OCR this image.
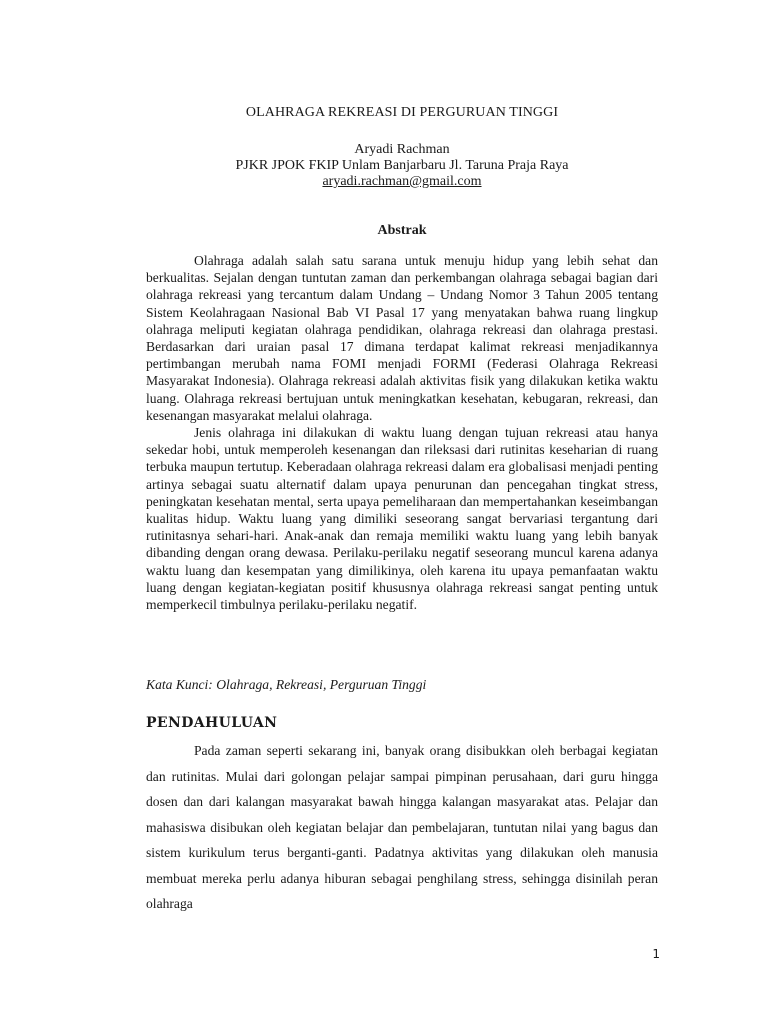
OLAHRAGA REKREASI DI PERGURUAN TINGGI
Aryadi Rachman
PJKR JPOK FKIP Unlam Banjarbaru Jl. Taruna Praja Raya
aryadi.rachman@gmail.com
Abstrak

Olahraga adalah salah satu sarana untuk menuju hidup yang lebih sehat dan berkualitas. Sejalan dengan tuntutan zaman dan perkembangan olahraga sebagai bagian dari olahraga rekreasi yang tercantum dalam Undang – Undang Nomor 3 Tahun 2005 tentang Sistem Keolahragaan Nasional Bab VI Pasal 17 yang menyatakan bahwa ruang lingkup olahraga meliputi kegiatan olahraga pendidikan, olahraga rekreasi dan olahraga prestasi. Berdasarkan dari uraian pasal 17 dimana terdapat kalimat rekreasi menjadikannya pertimbangan merubah nama FOMI menjadi FORMI (Federasi Olahraga Rekreasi Masyarakat Indonesia). Olahraga rekreasi adalah aktivitas fisik yang dilakukan ketika waktu luang. Olahraga rekreasi bertujuan untuk meningkatkan kesehatan, kebugaran, rekreasi, dan kesenangan masyarakat melalui olahraga.

Jenis olahraga ini dilakukan di waktu luang dengan tujuan rekreasi atau hanya sekedar hobi, untuk memperoleh kesenangan dan rileksasi dari rutinitas keseharian di ruang terbuka maupun tertutup. Keberadaan olahraga rekreasi dalam era globalisasi menjadi penting artinya sebagai suatu alternatif dalam upaya penurunan dan pencegahan tingkat stress, peningkatan kesehatan mental, serta upaya pemeliharaan dan mempertahankan keseimbangan kualitas hidup. Waktu luang yang dimiliki seseorang sangat bervariasi tergantung dari rutinitasnya sehari-hari. Anak-anak dan remaja memiliki waktu luang yang lebih banyak dibanding dengan orang dewasa. Perilaku-perilaku negatif seseorang muncul karena adanya waktu luang dan kesempatan yang dimilikinya, oleh karena itu upaya pemanfaatan waktu luang dengan kegiatan-kegiatan positif khususnya olahraga rekreasi sangat penting untuk memperkecil timbulnya perilaku-perilaku negatif.

Kata Kunci: Olahraga, Rekreasi, Perguruan Tinggi
PENDAHULUAN

Pada zaman seperti sekarang ini, banyak orang disibukkan oleh berbagai kegiatan dan rutinitas. Mulai dari golongan pelajar sampai pimpinan perusahaan, dari guru hingga dosen dan dari kalangan masyarakat bawah hingga kalangan masyarakat atas. Pelajar dan mahasiswa disibukan oleh kegiatan belajar dan pembelajaran, tuntutan nilai yang bagus dan sistem kurikulum terus berganti-ganti. Padatnya aktivitas yang dilakukan oleh manusia membuat mereka perlu adanya hiburan sebagai penghilang stress, sehingga disinilah peran olahraga

1
